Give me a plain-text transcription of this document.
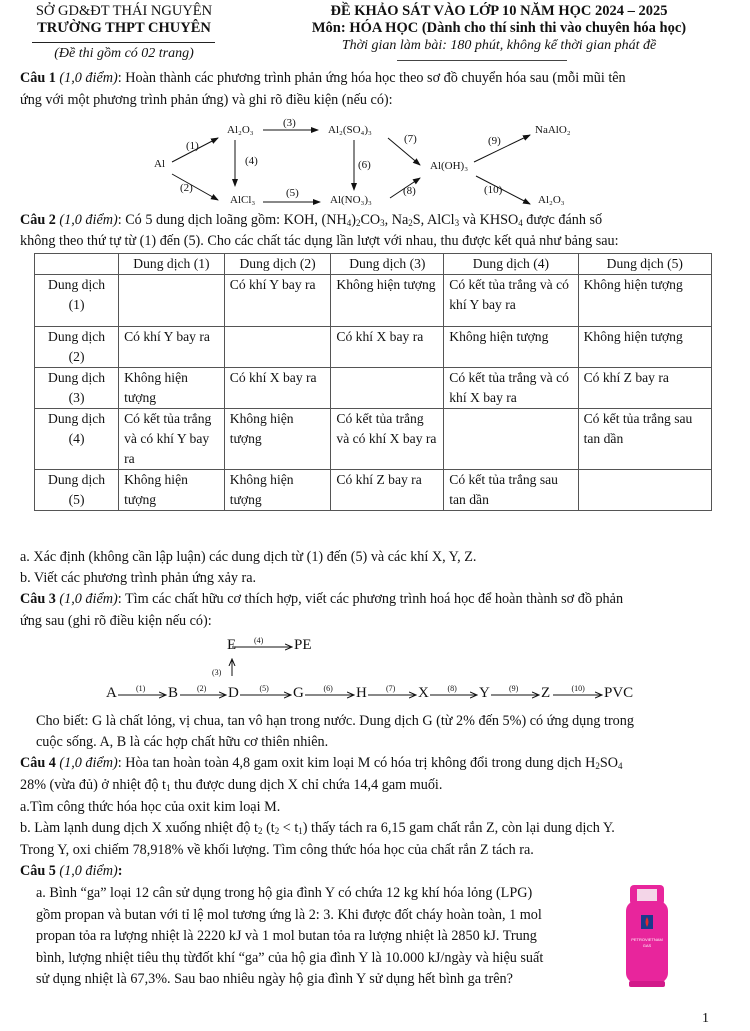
SỞ GD&ĐT THÁI NGUYÊN
TRƯỜNG THPT CHUYÊN
(Đề thi gồm có 02 trang)
ĐỀ KHẢO SÁT VÀO LỚP 10 NĂM HỌC 2024 – 2025
Môn: HÓA HỌC (Dành cho thí sinh thi vào chuyên hóa học)
Thời gian làm bài: 180 phút, không kể thời gian phát đề
Câu 1 (1,0 điểm): Hoàn thành các phương trình phản ứng hóa học theo sơ đồ chuyển hóa sau (mỗi mũi tên
ứng với một phương trình phản ứng) và ghi rõ điều kiện (nếu có):
Al
Al₂O₃	Al₂(SO₄)₃
AlCl₃	Al(NO₃)₃
Al(OH)₃
NaAlO₂
Al₂O₃
(1)
(2)
(3)
(4)
(5)
(6)
(7)
(8)
(9)
(10)
Câu 2 (1,0 điểm): Có 5 dung dịch loãng gồm: KOH, $(NH_4)_2CO_3$, $Na_2S$, AlCl$_3$ và $KHSO_4$ được đánh số
không theo thứ tự từ (1) đến (5). Cho các chất tác dụng lần lượt với nhau, thu được kết quả như bảng sau:
	Dung dịch (1)	Dung dịch (2)	Dung dịch (3)	Dung dịch (4)	Dung dịch (5)
Dung dịch (1)		Có khí Y bay ra	Không hiện tượng	Có kết tủa trắng và có khí Y bay ra	Không hiện tượng
Dung dịch (2)	Có khí Y bay ra		Có khí X bay ra	Không hiện tượng	Không hiện tượng
Dung dịch (3)	Không hiện tượng	Có khí X bay ra		Có kết tủa trắng và có khí X bay ra	Có khí Z bay ra
Dung dịch (4)	Có kết tủa trắng và có khí Y bay ra	Không hiện tượng	Có kết tủa trắng và có khí X bay ra		Có kết tủa trắng sau tan dần
Dung dịch (5)	Không hiện tượng	Không hiện tượng	Có khí Z bay ra	Có kết tủa trắng sau tan dần	
a. Xác định (không cần lập luận) các dung dịch từ (1) đến (5) và các khí X, Y, Z.
b. Viết các phương trình phản ứng xảy ra.
Câu 3 (1,0 điểm): Tìm các chất hữu cơ thích hợp, viết các phương trình hoá học để hoàn thành sơ đồ phản
ứng sau (ghi rõ điều kiện nếu có):
E	PE
(4)
(3)
A (1) B (2) D	(5) G (6) H (7) X (8) Y (9) Z	(10) PVC
Cho biết: G là chất lỏng, vị chua, tan vô hạn trong nước. Dung dịch G (từ 2% đến 5%) có ứng dụng trong
cuộc sống. A, B là các hợp chất hữu cơ thiên nhiên.
Câu 4 (1,0 điểm): Hòa tan hoàn toàn 4,8 gam oxit kim loại M có hóa trị không đổi trong dung dịch $H_2SO_4$
28% (vừa đủ) ở nhiệt độ $t_1$ thu được dung dịch X chỉ chứa 14,4 gam muối.
a.Tìm công thức hóa học của oxit kim loại M.
b. Làm lạnh dung dịch X xuống nhiệt độ $t_2$ $(t_2 < t_1)$ thấy tách ra 6,15 gam chất rắn Z, còn lại dung dịch Y.
Trong Y, oxi chiếm 78,918% về khối lượng. Tìm công thức hóa học của chất rắn Z tách ra.
Câu 5 (1,0 điểm):
a. Bình “ga” loại 12 cân sử dụng trong hộ gia đình Y có chứa 12 kg khí hóa lỏng (LPG)
gồm propan và butan với tỉ lệ mol tương ứng là 2: 3. Khi được đốt cháy hoàn toàn, 1 mol
propan tỏa ra lượng nhiệt là 2220 kJ và 1 mol butan tỏa ra lượng nhiệt là 2850 kJ. Trung
bình, lượng nhiệt tiêu thụ từđốt khí “ga” của hộ gia đình Y là 10.000 kJ/ngày và hiệu suất
sử dụng nhiệt là 67,3%. Sau bao nhiêu ngày hộ gia đình Y sử dụng hết bình ga trên?
PETROVIETNAM
GAS
1
